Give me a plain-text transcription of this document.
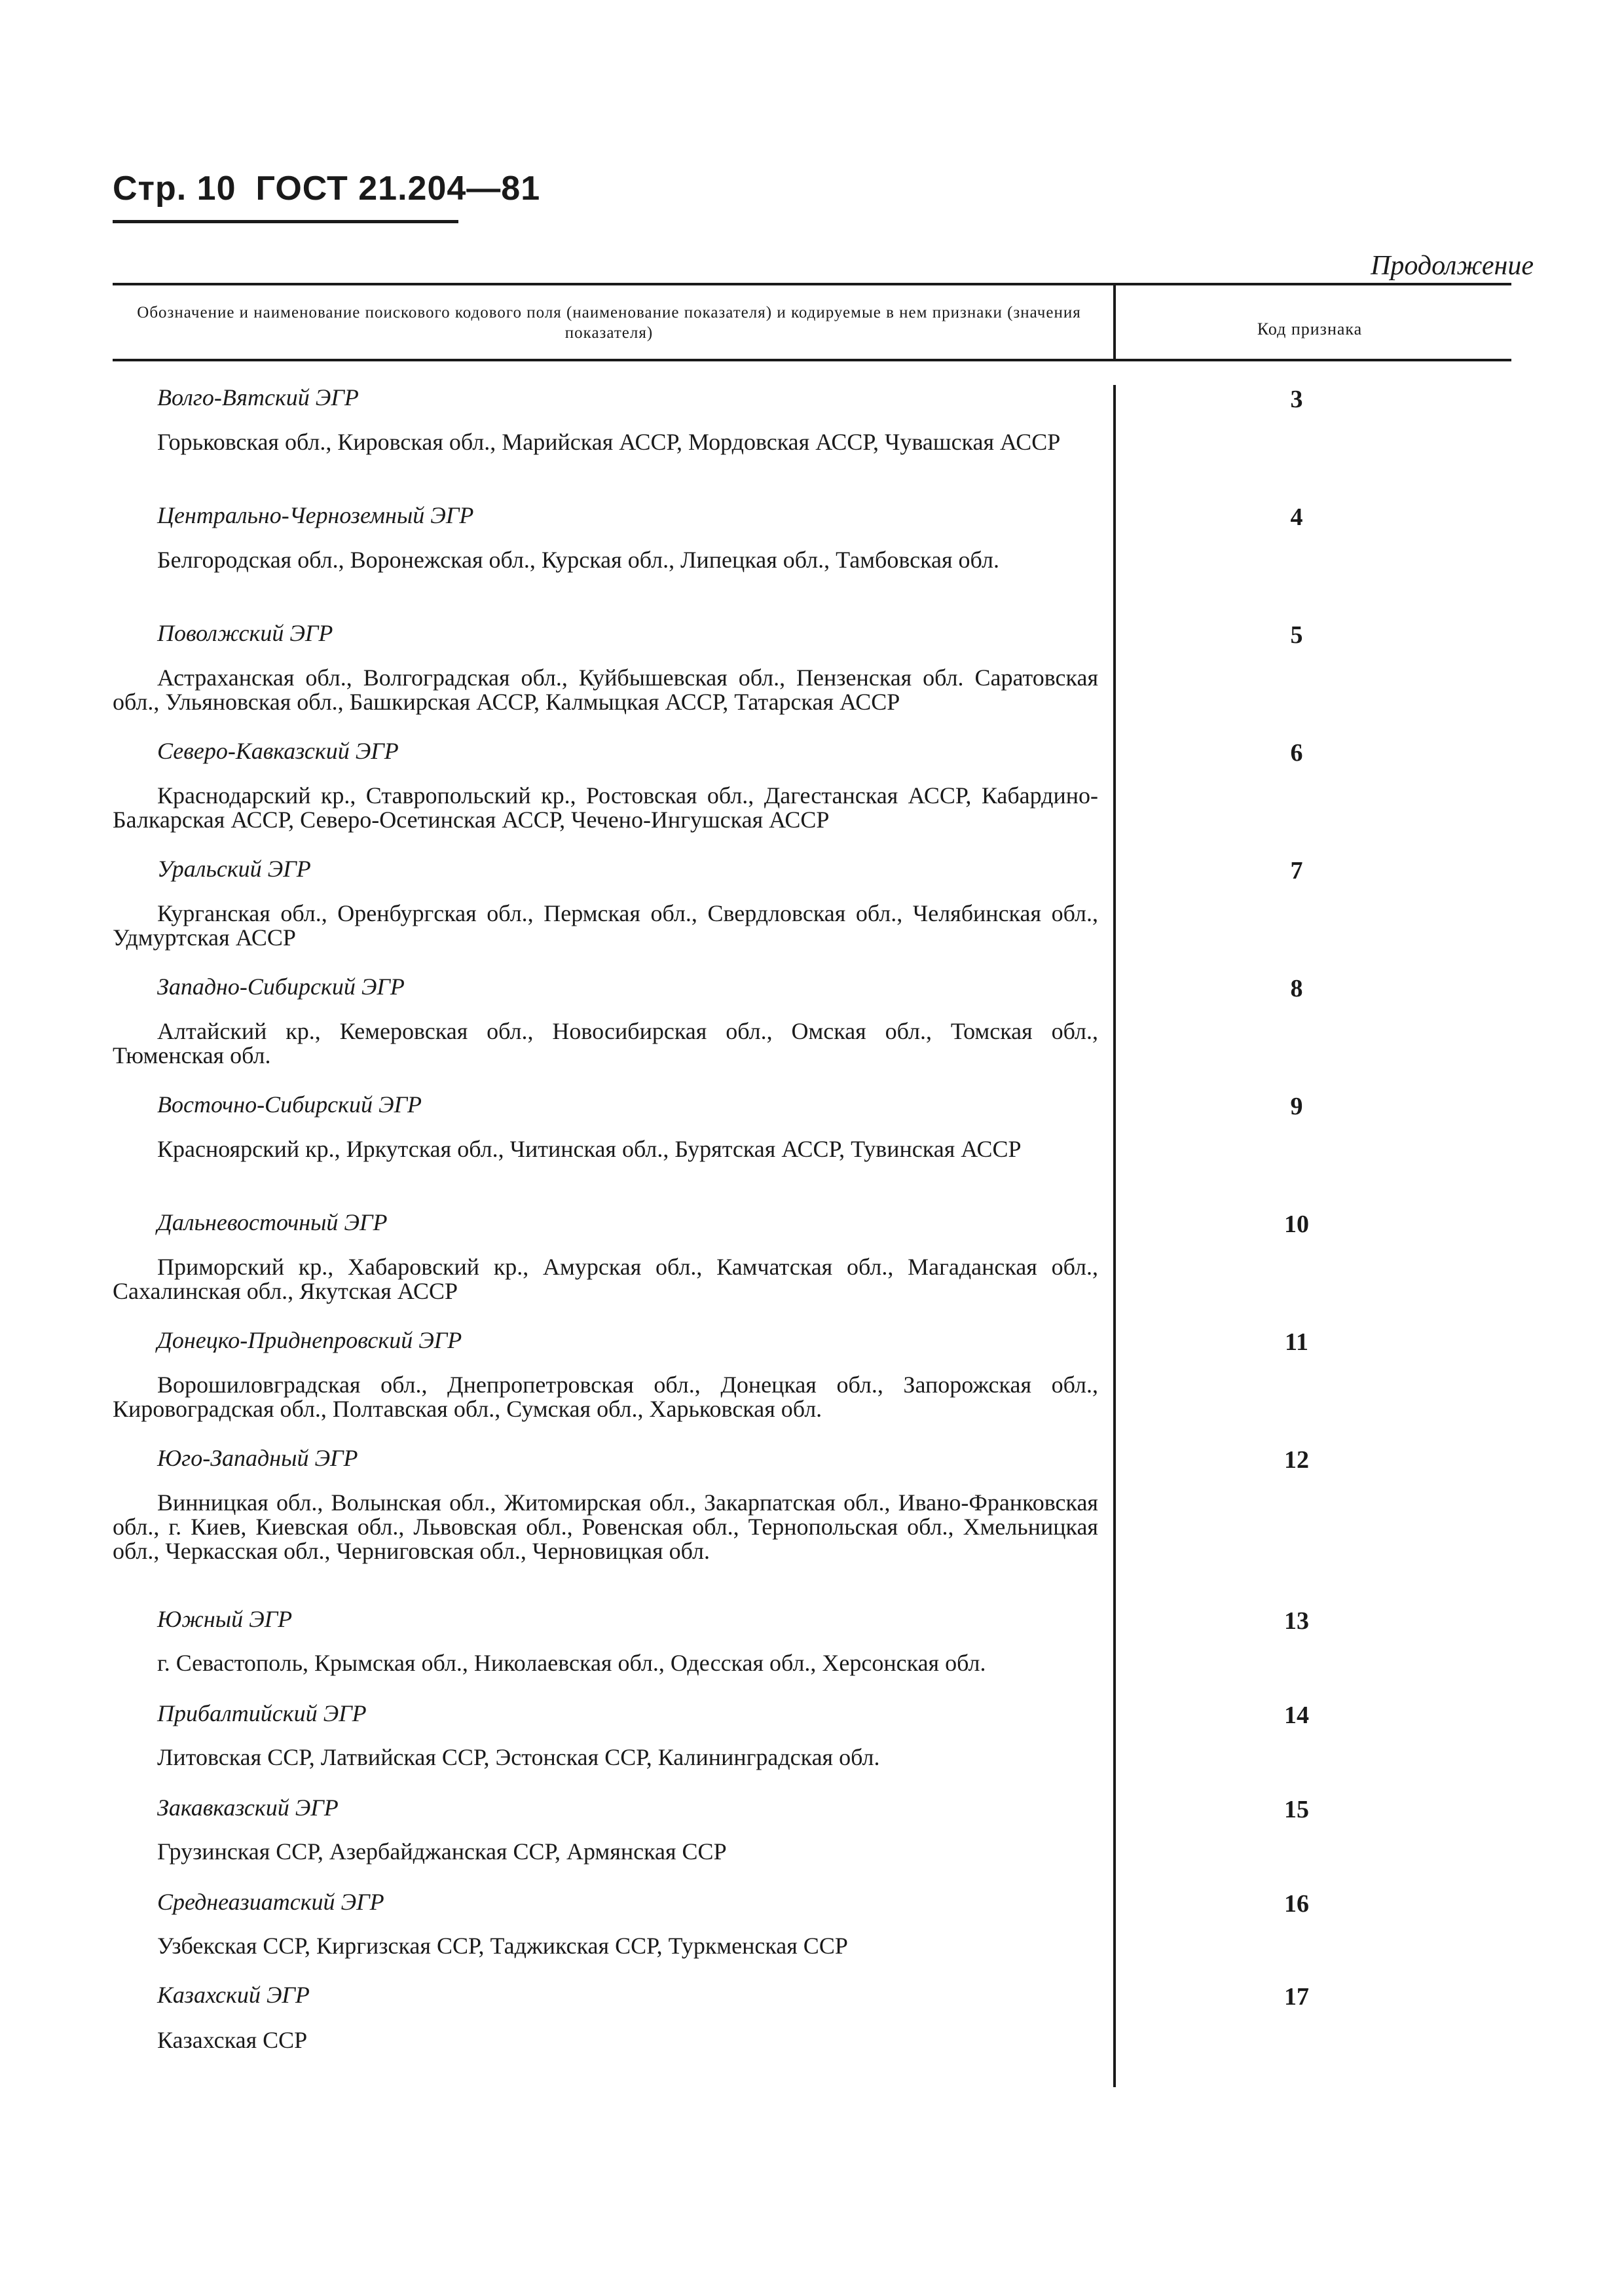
Стр. 10 ГОСТ 21.204—81
Продолжение
Обозначение и наименование поискового кодового поля (наименование показателя) и кодируемые в нем признаки (значения показателя)	Код признака
Волго-Вятский ЭГР	3
Горьковская обл., Кировская обл., Марийская АССР, Мордовская АССР, Чувашская АССР
Центрально-Черноземный ЭГР	4
Белгородская обл., Воронежская обл., Курская обл., Липецкая обл., Тамбовская обл.
Поволжский ЭГР	5
Астраханская обл., Волгоградская обл., Куйбышевская обл., Пензенская обл. Саратовская обл., Ульяновская обл., Башкирская АССР, Калмыцкая АССР, Татарская АССР
Северо-Кавказский ЭГР	6
Краснодарский кр., Ставропольский кр., Ростовская обл., Дагестанская АССР, Кабардино-Балкарская АССР, Северо-Осетинская АССР, Чечено-Ингушская АССР
Уральский ЭГР	7
Курганская обл., Оренбургская обл., Пермская обл., Свердловская обл., Челябинская обл., Удмуртская АССР
Западно-Сибирский ЭГР	8
Алтайский кр., Кемеровская обл., Новосибирская обл., Омская обл., Томская обл., Тюменская обл.
Восточно-Сибирский ЭГР	9
Красноярский кр., Иркутская обл., Читинская обл., Бурятская АССР, Тувинская АССР
Дальневосточный ЭГР	10
Приморский кр., Хабаровский кр., Амурская обл., Камчатская обл., Магаданская обл., Сахалинская обл., Якутская АССР
Донецко-Приднепровский ЭГР	11
Ворошиловградская обл., Днепропетровская обл., Донецкая обл., Запорожская обл., Кировоградская обл., Полтавская обл., Сумская обл., Харьковская обл.
Юго-Западный ЭГР	12
Винницкая обл., Волынская обл., Житомирская обл., Закарпатская обл., Ивано-Франковская обл., г. Киев, Киевская обл., Львовская обл., Ровенская обл., Тернопольская обл., Хмельницкая обл., Черкасская обл., Черниговская обл., Черновицкая обл.
Южный ЭГР	13
г. Севастополь, Крымская обл., Николаевская обл., Одесская обл., Херсонская обл.
Прибалтийский ЭГР	14
Литовская ССР, Латвийская ССР, Эстонская ССР, Калининградская обл.
Закавказский ЭГР	15
Грузинская ССР, Азербайджанская ССР, Армянская ССР
Среднеазиатский ЭГР	16
Узбекская ССР, Киргизская ССР, Таджикская ССР, Туркменская ССР
Казахский ЭГР	17
Казахская ССР
